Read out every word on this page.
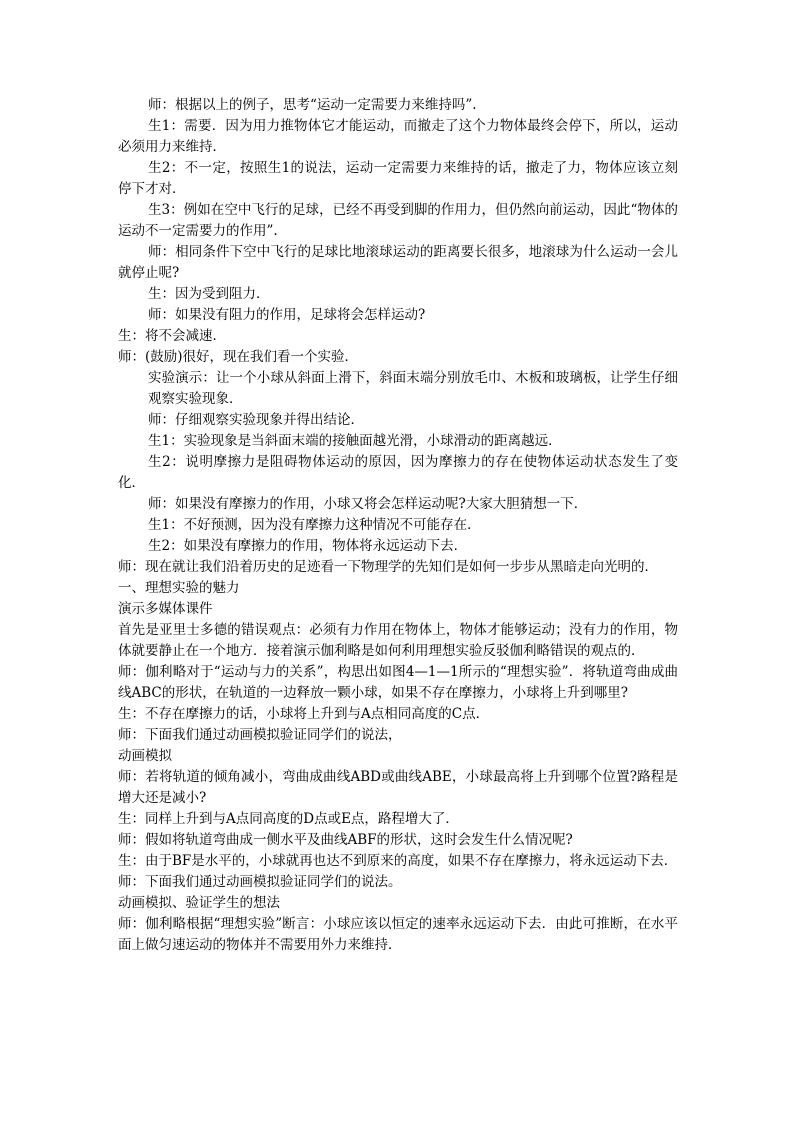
师：根据以上的例子，思考“运动一定需要力来维持吗”.

生1：需要．因为用力推物体它才能运动，而撤走了这个力物体最终会停下，所以，运动必须用力来维持．

生2：不一定，按照生1的说法，运动一定需要力来维持的话，撤走了力，物体应该立刻停下才对．

生3：例如在空中飞行的足球，已经不再受到脚的作用力，但仍然向前运动，因此“物体的运动不一定需要力的作用”.

师：相同条件下空中飞行的足球比地滚球运动的距离要长很多，地滚球为什么运动一会儿就停止呢?

生：因为受到阻力．

师：如果没有阻力的作用，足球将会怎样运动?

生：将不会减速．

师：(鼓励)很好，现在我们看一个实验．

实验演示：让一个小球从斜面上滑下，斜面末端分别放毛巾、木板和玻璃板，让学生仔细观察实验现象．

师：仔细观察实验现象并得出结论．

生1：实验现象是当斜面末端的接触面越光滑，小球滑动的距离越远．

生2：说明摩擦力是阻碍物体运动的原因，因为摩擦力的存在使物体运动状态发生了变化．

师：如果没有摩擦力的作用，小球又将会怎样运动呢?大家大胆猜想一下．

生1：不好预测，因为没有摩擦力这种情况不可能存在．

生2：如果没有摩擦力的作用，物体将永远运动下去．

师：现在就让我们沿着历史的足迹看一下物理学的先知们是如何一步步从黑暗走向光明的．

一、理想实验的魅力

演示多媒体课件

首先是亚里士多德的错误观点：必须有力作用在物体上，物体才能够运动；没有力的作用，物体就要静止在一个地方．接着演示伽利略是如何利用理想实验反驳伽利略错误的观点的．

师：伽利略对于“运动与力的关系”，构思出如图4—1—1所示的“理想实验”．将轨道弯曲成曲线ABC的形状，在轨道的一边释放一颗小球，如果不存在摩擦力，小球将上升到哪里?

生：不存在摩擦力的话，小球将上升到与A点相同高度的C点．

师：下面我们通过动画模拟验证同学们的说法，

动画模拟

师：若将轨道的倾角减小，弯曲成曲线ABD或曲线ABE，小球最高将上升到哪个位置?路程是增大还是减小?

生：同样上升到与A点同高度的D点或E点，路程增大了．

师：假如将轨道弯曲成一侧水平及曲线ABF的形状，这时会发生什么情况呢?

生：由于BF是水平的，小球就再也达不到原来的高度，如果不存在摩擦力，将永远运动下去．

师：下面我们通过动画模拟验证同学们的说法。

动画模拟、验证学生的想法

师：伽利略根据“理想实验”断言：小球应该以恒定的速率永远运动下去．由此可推断，在水平面上做匀速运动的物体并不需要用外力来维持．
